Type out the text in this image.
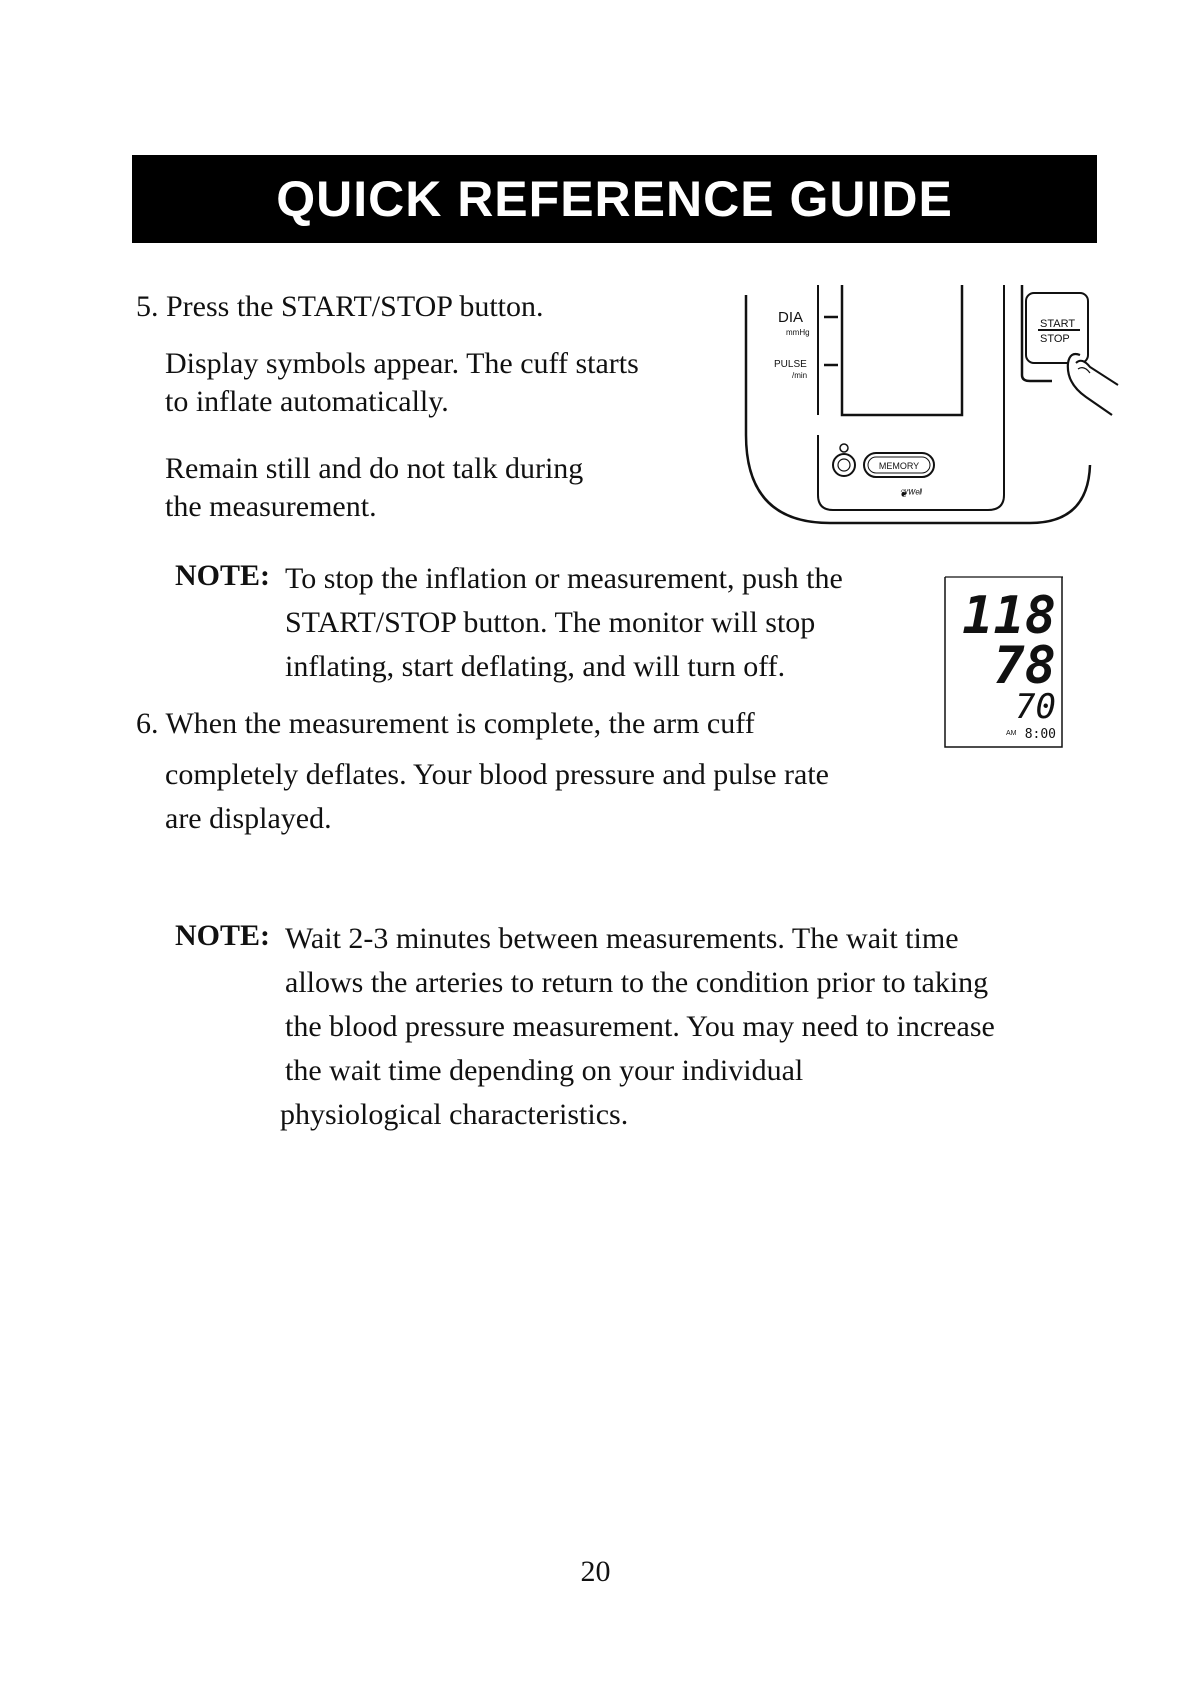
QUICK REFERENCE GUIDE
5. Press the START/STOP button.

Display symbols appear. The cuff starts

to inflate automatically.

Remain still and do not talk during

the measurement.

NOTE: To stop the inflation or measurement, push the

START/STOP button. The monitor will stop

inflating, start deflating, and will turn off.

6. When the measurement is complete, the arm cuff

completely deflates. Your blood pressure and pulse rate

are displayed.

NOTE: Wait 2-3 minutes between measurements. The wait time

allows the arteries to return to the condition prior to taking

the blood pressure measurement. You may need to increase

the wait time depending on your individual

physiological characteristics.

DIA
mmHg
PULSE
/min
MEMORY
❦ᵂᵉˡˡ
START
STOP
118
78
70
AM 8:00
20
